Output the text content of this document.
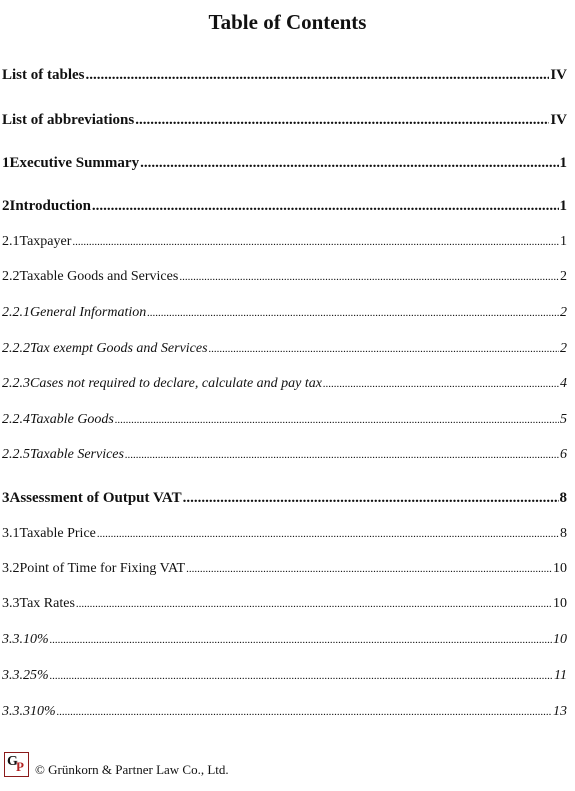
Table of Contents
List of tables .....	IV
List of abbreviations .....	IV
1 Executive Summary .....	1
2 Introduction .....	1
2.1 Taxpayer .....	1
2.2 Taxable Goods and Services .....	2
2.2.1 General Information .....	2
2.2.2 Tax exempt Goods and Services .....	2
2.2.3 Cases not required to declare, calculate and pay tax .....	4
2.2.4 Taxable Goods .....	5
2.2.5 Taxable Services .....	6
3 Assessment of Output VAT .....	8
3.1 Taxable Price .....	8
3.2 Point of Time for Fixing VAT .....	10
3.3 Tax Rates .....	10
3.3.1 0% .....	10
3.3.2 5% .....	11
3.3.3 10% .....	13
G
P © Grünkorn & Partner Law Co., Ltd.
